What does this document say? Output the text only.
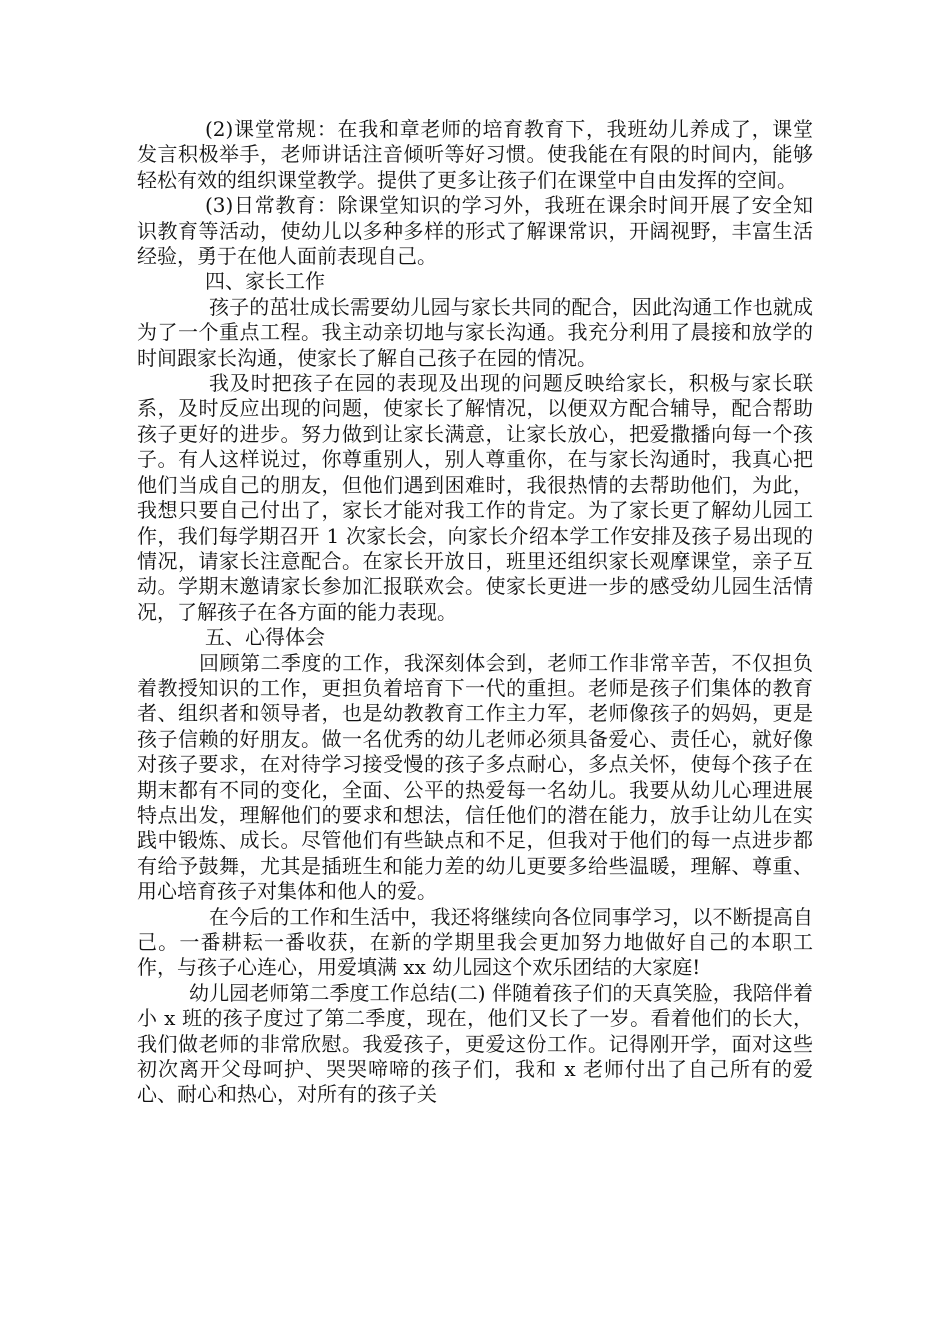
(2)课堂常规：在我和章老师的培育教育下，我班幼儿养成了，课堂发言积极举手，老师讲话注音倾听等好习惯。使我能在有限的时间内，能够轻松有效的组织课堂教学。提供了更多让孩子们在课堂中自由发挥的空间。

(3)日常教育：除课堂知识的学习外，我班在课余时间开展了安全知识教育等活动，使幼儿以多种多样的形式了解课常识，开阔视野，丰富生活经验，勇于在他人面前表现自己。

四、家长工作

孩子的茁壮成长需要幼儿园与家长共同的配合，因此沟通工作也就成为了一个重点工程。我主动亲切地与家长沟通。我充分利用了晨接和放学的时间跟家长沟通，使家长了解自己孩子在园的情况。

我及时把孩子在园的表现及出现的问题反映给家长，积极与家长联系，及时反应出现的问题，使家长了解情况，以便双方配合辅导，配合帮助孩子更好的进步。努力做到让家长满意，让家长放心，把爱撒播向每一个孩子。有人这样说过，你尊重别人，别人尊重你，在与家长沟通时，我真心把他们当成自己的朋友，但他们遇到困难时，我很热情的去帮助他们，为此，我想只要自己付出了，家长才能对我工作的肯定。为了家长更了解幼儿园工作，我们每学期召开 1 次家长会，向家长介绍本学工作安排及孩子易出现的情况，请家长注意配合。在家长开放日，班里还组织家长观摩课堂，亲子互动。学期末邀请家长参加汇报联欢会。使家长更进一步的感受幼儿园生活情况，了解孩子在各方面的能力表现。

五、心得体会

回顾第二季度的工作，我深刻体会到，老师工作非常辛苦，不仅担负着教授知识的工作，更担负着培育下一代的重担。老师是孩子们集体的教育者、组织者和领导者，也是幼教教育工作主力军，老师像孩子的妈妈，更是孩子信赖的好朋友。做一名优秀的幼儿老师必须具备爱心、责任心，就好像对孩子要求，在对待学习接受慢的孩子多点耐心，多点关怀，使每个孩子在期末都有不同的变化，全面、公平的热爱每一名幼儿。我要从幼儿心理进展特点出发，理解他们的要求和想法，信任他们的潜在能力，放手让幼儿在实践中锻炼、成长。尽管他们有些缺点和不足，但我对于他们的每一点进步都有给予鼓舞，尤其是插班生和能力差的幼儿更要多给些温暖，理解、尊重、用心培育孩子对集体和他人的爱。

在今后的工作和生活中，我还将继续向各位同事学习，以不断提高自己。一番耕耘一番收获，在新的学期里我会更加努力地做好自己的本职工作，与孩子心连心，用爱填满 xx 幼儿园这个欢乐团结的大家庭!

幼儿园老师第二季度工作总结(二) 伴随着孩子们的天真笑脸，我陪伴着小 x 班的孩子度过了第二季度，现在，他们又长了一岁。看着他们的长大，我们做老师的非常欣慰。我爱孩子，更爱这份工作。记得刚开学，面对这些初次离开父母呵护、哭哭啼啼的孩子们，我和 x 老师付出了自己所有的爱心、耐心和热心，对所有的孩子关
